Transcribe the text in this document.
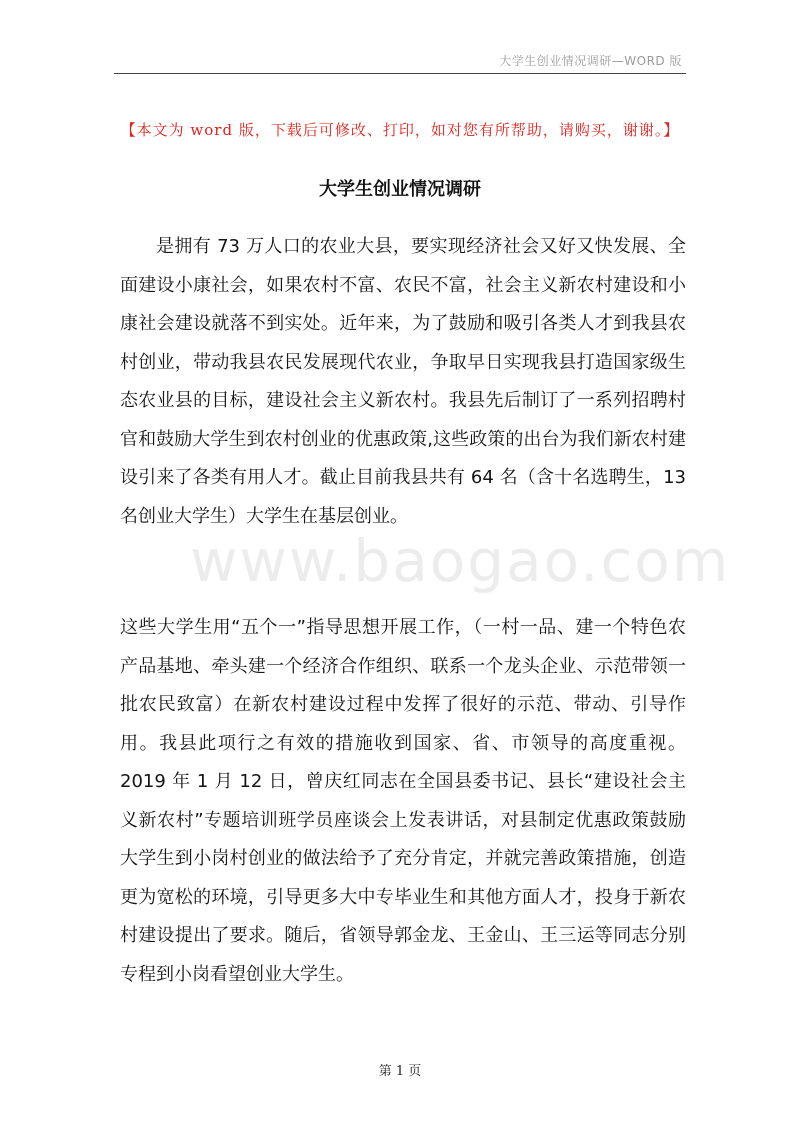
大学生创业情况调研—WORD 版
【本文为 word 版，下载后可修改、打印，如对您有所帮助，请购买，谢谢。】
大学生创业情况调研

是拥有 73 万人口的农业大县，要实现经济社会又好又快发展、全面建设小康社会，如果农村不富、农民不富，社会主义新农村建设和小康社会建设就落不到实处。近年来，为了鼓励和吸引各类人才到我县农村创业，带动我县农民发展现代农业，争取早日实现我县打造国家级生态农业县的目标，建设社会主义新农村。我县先后制订了一系列招聘村官和鼓励大学生到农村创业的优惠政策,这些政策的出台为我们新农村建设引来了各类有用人才。截止目前我县共有 64 名（含十名选聘生，13 名创业大学生）大学生在基层创业。

www.baogao.com

这些大学生用“五个一”指导思想开展工作，（一村一品、建一个特色农产品基地、牵头建一个经济合作组织、联系一个龙头企业、示范带领一批农民致富）在新农村建设过程中发挥了很好的示范、带动、引导作用。我县此项行之有效的措施收到国家、省、市领导的高度重视。2019 年 1 月 12 日，曾庆红同志在全国县委书记、县长“建设社会主义新农村”专题培训班学员座谈会上发表讲话，对县制定优惠政策鼓励大学生到小岗村创业的做法给予了充分肯定，并就完善政策措施，创造更为宽松的环境，引导更多大中专毕业生和其他方面人才，投身于新农村建设提出了要求。随后，省领导郭金龙、王金山、王三运等同志分别专程到小岗看望创业大学生。

第 1 页
